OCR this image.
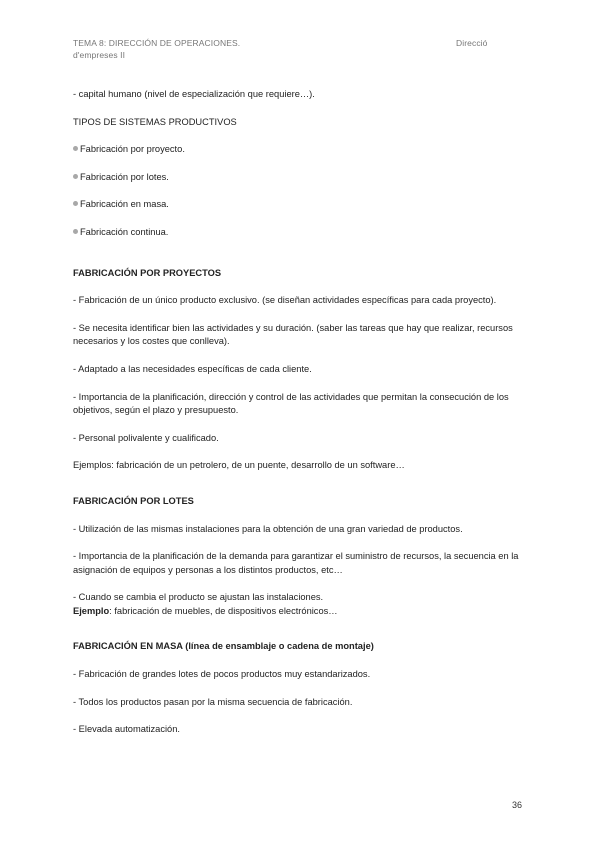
TEMA 8: DIRECCIÓN DE OPERACIONES.
d'empreses II
Direcció

- capital humano (nivel de especialización que requiere…).

TIPOS DE SISTEMAS PRODUCTIVOS

Fabricación por proyecto.

Fabricación por lotes.

Fabricación en masa.

Fabricación continua.

FABRICACIÓN POR PROYECTOS

- Fabricación de un único producto exclusivo. (se diseñan actividades específicas para cada proyecto).

- Se necesita identificar bien las actividades y su duración. (saber las tareas que hay que realizar, recursos necesarios y los costes que conlleva).

- Adaptado a las necesidades específicas de cada cliente.

- Importancia de la planificación, dirección y control de las actividades que permitan la consecución de los objetivos, según el plazo y presupuesto.

- Personal polivalente y cualificado.

Ejemplos: fabricación de un petrolero, de un puente, desarrollo de un software…

FABRICACIÓN POR LOTES

- Utilización de las mismas instalaciones para la obtención de una gran variedad de productos.

- Importancia de la planificación de la demanda para garantizar el suministro de recursos, la secuencia en la asignación de equipos y personas a los distintos productos, etc…

- Cuando se cambia el producto se ajustan las instalaciones.

Ejemplo: fabricación de muebles, de dispositivos electrónicos…

FABRICACIÓN EN MASA (línea de ensamblaje o cadena de montaje)

- Fabricación de grandes lotes de pocos productos muy estandarizados.

- Todos los productos pasan por la misma secuencia de fabricación.

- Elevada automatización.

36
